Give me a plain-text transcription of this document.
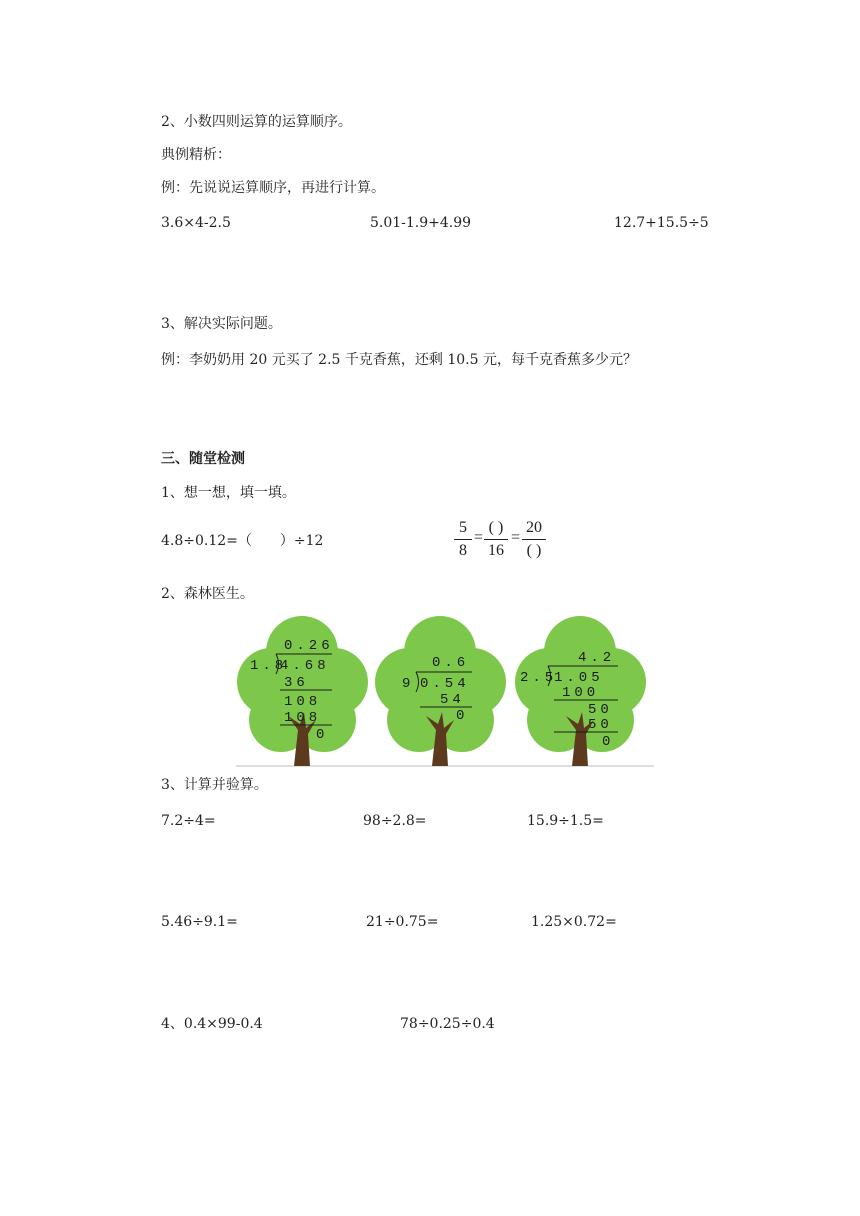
2、小数四则运算的运算顺序。
典例精析：
例：先说说运算顺序，再进行计算。
3.6×4-2.5	5.01-1.9+4.99	12.7+15.5÷5
3、解决实际问题。
例：李奶奶用 20 元买了 2.5 千克香蕉，还剩 10.5 元，每千克香蕉多少元？
三、随堂检测
1、想一想，填一填。
4.8÷0.12=（　　）÷12
5
8
=
( )
16
=
20
( )
2、森林医生。
0.26
1.8
4.68
36
108
108
0
0.6
9 0.54
54
0
4.2
2.5
1.05
100
50
50
0
3、计算并验算。
7.2÷4=	98÷2.8=	15.9÷1.5=
5.46÷9.1=	21÷0.75=	1.25×0.72=
4、0.4×99-0.4	78÷0.25÷0.4
